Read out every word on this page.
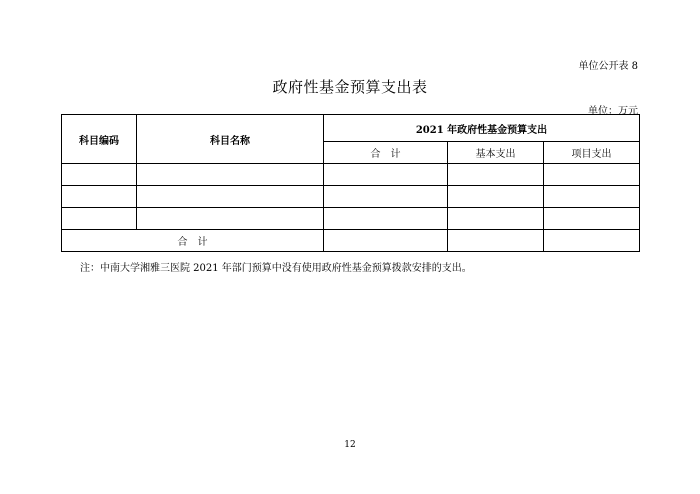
单位公开表 8
政府性基金预算支出表
单位：万元
科目编码	科目名称	2021 年政府性基金预算支出		
		合　计	基本支出	项目支出

合　计				
注：中南大学湘雅三医院 2021 年部门预算中没有使用政府性基金预算拨款安排的支出。
12
